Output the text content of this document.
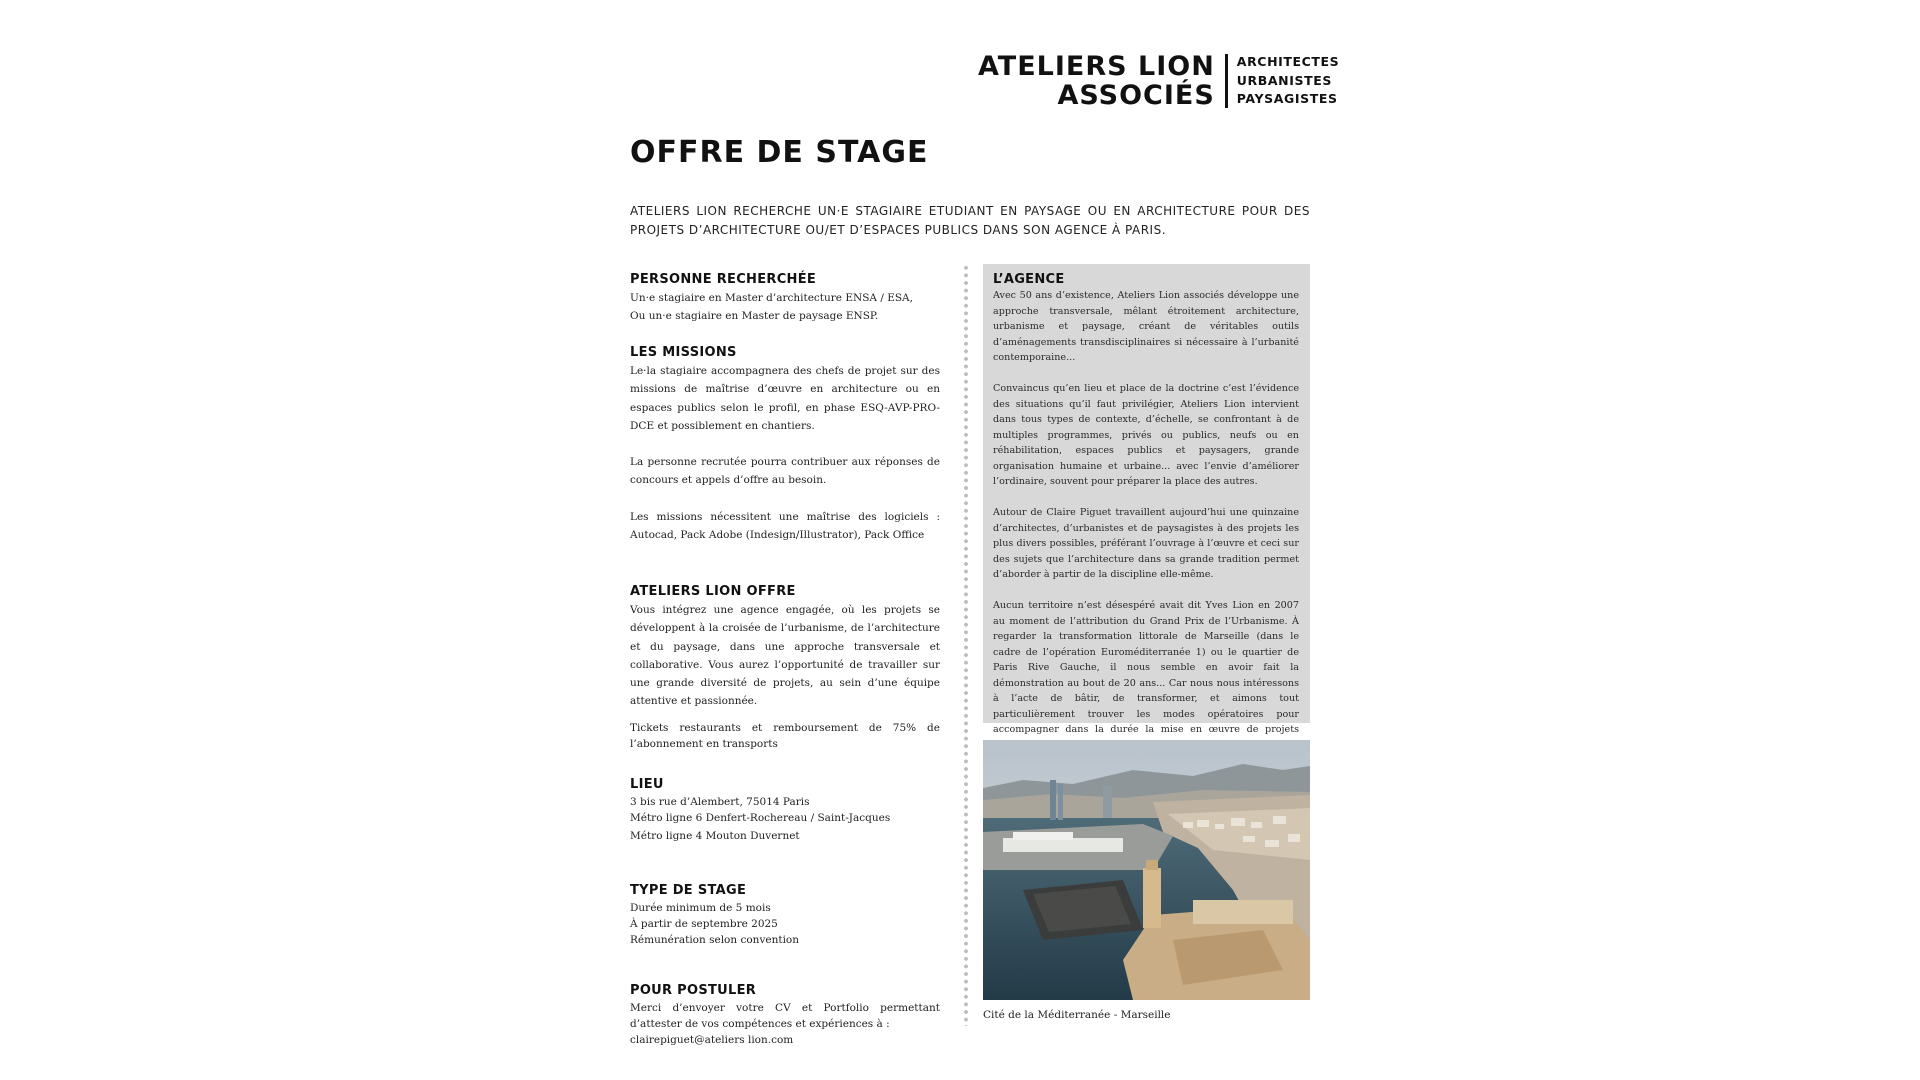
ATELIERS LION
ASSOCIÉS
ARCHITECTES
URBANISTES
PAYSAGISTES
OFFRE DE STAGE

ATELIERS LION RECHERCHE UN·E STAGIAIRE ETUDIANT EN PAYSAGE OU EN ARCHITECTURE POUR DES PROJETS D’ARCHITECTURE OU/ET D’ESPACES PUBLICS DANS SON AGENCE À PARIS.

PERSONNE RECHERCHÉE

Un·e stagiaire en Master d’architecture ENSA / ESA,

Ou un·e stagiaire en Master de paysage ENSP.

LES MISSIONS

Le·la stagiaire accompagnera des chefs de projet sur des missions de maîtrise d’œuvre en architecture ou en espaces publics selon le profil, en phase ESQ-AVP-PRO-DCE et possiblement en chantiers.

La personne recrutée pourra contribuer aux réponses de concours et appels d’offre au besoin.

Les missions nécessitent une maîtrise des logiciels : Autocad, Pack Adobe (Indesign/Illustrator), Pack Office

ATELIERS LION OFFRE

Vous intégrez une agence engagée, où les projets se développent à la croisée de l’urbanisme, de l’architecture et du paysage, dans une approche transversale et collaborative. Vous aurez l’opportunité de travailler sur une grande diversité de projets, au sein d’une équipe attentive et passionnée.

Tickets restaurants et remboursement de 75% de l’abonnement en transports

LIEU

3 bis rue d’Alembert, 75014 Paris

Métro ligne 6 Denfert-Rochereau / Saint-Jacques

Métro ligne 4 Mouton Duvernet

TYPE DE STAGE

Durée minimum de 5 mois

À partir de septembre 2025

Rémunération selon convention

POUR POSTULER

Merci d’envoyer votre CV et Portfolio permettant d’attester de vos compétences et expériences à :

clairepiguet@ateliers lion.com

L’AGENCE

Avec 50 ans d’existence, Ateliers Lion associés développe une approche transversale, mêlant étroitement architecture, urbanisme et paysage, créant de véritables outils d’aménagements transdisciplinaires si nécessaire à l’urbanité contemporaine...

Convaincus qu’en lieu et place de la doctrine c’est l’évidence des situations qu’il faut privilégier, Ateliers Lion intervient dans tous types de contexte, d’échelle, se confrontant à de multiples programmes, privés ou publics, neufs ou en réhabilitation, espaces publics et paysagers, grande organisation humaine et urbaine... avec l’envie d’améliorer l’ordinaire, souvent pour préparer la place des autres.

Autour de Claire Piguet travaillent aujourd’hui une quinzaine d’architectes, d’urbanistes et de paysagistes à des projets les plus divers possibles, préférant l’ouvrage à l’œuvre et ceci sur des sujets que l’architecture dans sa grande tradition permet d’aborder à partir de la discipline elle-même.

Aucun territoire n’est désespéré avait dit Yves Lion en 2007 au moment de l’attribution du Grand Prix de l’Urbanisme. À regarder la transformation littorale de Marseille (dans le cadre de l’opération Euroméditerranée 1) ou le quartier de Paris Rive Gauche, il nous semble en avoir fait la démonstration au bout de 20 ans... Car nous nous intéressons à l’acte de bâtir, de transformer, et aimons tout particulièrement trouver les modes opératoires pour accompagner dans la durée la mise en œuvre de projets

Cité de la Méditerranée - Marseille
